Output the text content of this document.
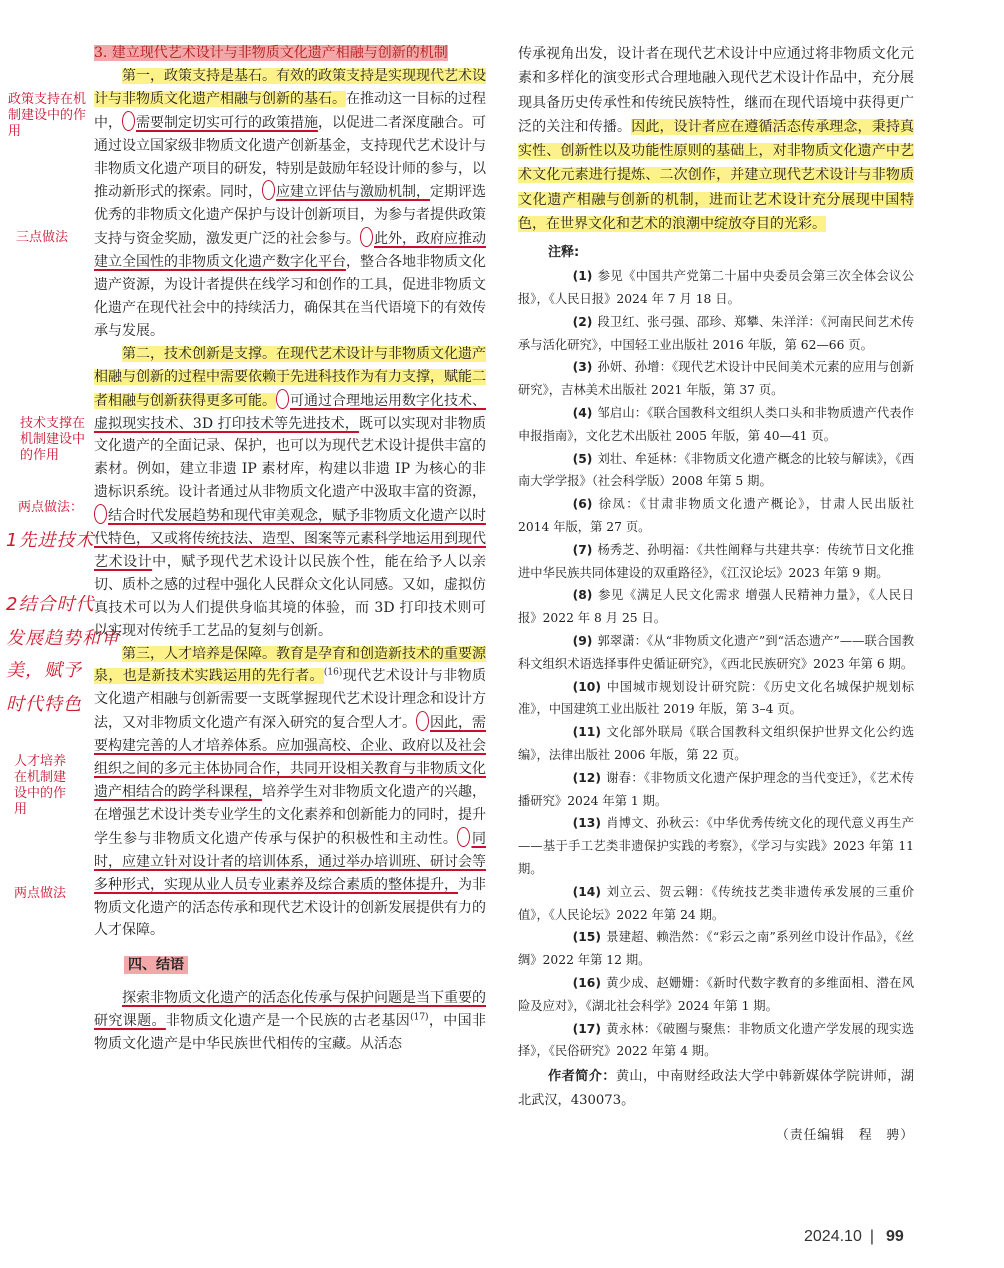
政策支持在机制建设中的作用
三点做法
技术支撑在机制建设中的作用
两点做法：
人才培养在机制建设中的作用
两点做法
1先进技术
2结合时代
发展趋势和审
美，赋予
时代特色

3. 建立现代艺术设计与非物质文化遗产相融与创新的机制

第一，政策支持是基石。有效的政策支持是实现现代艺术设计与非物质文化遗产相融与创新的基石。在推动这一目标的过程中， 需要制定切实可行的政策措施，以促进二者深度融合。可通过设立国家级非物质文化遗产创新基金，支持现代艺术设计与非物质文化遗产项目的研发，特别是鼓励年轻设计师的参与，以推动新形式的探索。同时， 应建立评估与激励机制，定期评选优秀的非物质文化遗产保护与设计创新项目，为参与者提供政策支持与资金奖励，激发更广泛的社会参与。 此外，政府应推动建立全国性的非物质文化遗产数字化平台，整合各地非物质文化遗产资源，为设计者提供在线学习和创作的工具，促进非物质文化遗产在现代社会中的持续活力，确保其在当代语境下的有效传承与发展。

第二，技术创新是支撑。在现代艺术设计与非物质文化遗产相融与创新的过程中需要依赖于先进科技作为有力支撑，赋能二者相融与创新获得更多可能。 可通过合理地运用数字化技术、虚拟现实技术、3D 打印技术等先进技术，既可以实现对非物质文化遗产的全面记录、保护，也可以为现代艺术设计提供丰富的素材。例如，建立非遗 IP 素材库，构建以非遗 IP 为核心的非遗标识系统。设计者通过从非物质文化遗产中汲取丰富的资源，结合时代发展趋势和现代审美观念，赋予非物质文化遗产以时代特色，又或将传统技法、造型、图案等元素科学地运用到现代艺术设计中，赋予现代艺术设计以民族个性，能在给予人以亲切、质朴之感的过程中强化人民群众文化认同感。又如，虚拟仿真技术可以为人们提供身临其境的体验，而 3D 打印技术则可以实现对传统手工艺品的复刻与创新。

第三，人才培养是保障。教育是孕育和创造新技术的重要源泉，也是新技术实践运用的先行者。$^{(16)}$现代艺术设计与非物质文化遗产相融与创新需要一支既掌握现代艺术设计理念和设计方法，又对非物质文化遗产有深入研究的复合型人才。 因此，需要构建完善的人才培养体系。应加强高校、企业、政府以及社会组织之间的多元主体协同合作，共同开设相关教育与非物质文化遗产相结合的跨学科课程，培养学生对非物质文化遗产的兴趣，在增强艺术设计类专业学生的文化素养和创新能力的同时，提升学生参与非物质文化遗产传承与保护的积极性和主动性。 同时，应建立针对设计者的培训体系，通过举办培训班、研讨会等多种形式，实现从业人员专业素养及综合素质的整体提升，为非物质文化遗产的活态传承和现代艺术设计的创新发展提供有力的人才保障。

四、结语

探索非物质文化遗产的活态化传承与保护问题是当下重要的研究课题。非物质文化遗产是一个民族的古老基因$^{(17)}$，中国非物质文化遗产是中华民族世代相传的宝藏。从活态

传承视角出发，设计者在现代艺术设计中应通过将非物质文化元素和多样化的演变形式合理地融入现代艺术设计作品中，充分展现具备历史传承性和传统民族特性，继而在现代语境中获得更广泛的关注和传播。因此，设计者应在遵循活态传承理念，秉持真实性、创新性以及功能性原则的基础上，对非物质文化遗产中艺术文化元素进行提炼、二次创作，并建立现代艺术设计与非物质文化遗产相融与创新的机制，进而让艺术设计充分展现中国特色，在世界文化和艺术的浪潮中绽放夺目的光彩。
注释:

(1) 参见《中国共产党第二十届中央委员会第三次全体会议公报》，《人民日报》2024 年 7 月 18 日。

(2) 段卫红、张弓强、邵珍、郑攀、朱洋洋：《河南民间艺术传承与活化研究》，中国轻工业出版社 2016 年版，第 62—66 页。

(3) 孙妍、孙增：《现代艺术设计中民间美术元素的应用与创新研究》，吉林美术出版社 2021 年版，第 37 页。

(4) 邹启山：《联合国教科文组织人类口头和非物质遗产代表作申报指南》，文化艺术出版社 2005 年版，第 40—41 页。

(5) 刘壮、牟延林：《非物质文化遗产概念的比较与解读》，《西南大学学报》（社会科学版）2008 年第 5 期。

(6) 徐凤：《甘肃非物质文化遗产概论》，甘肃人民出版社 2014 年版，第 27 页。

(7) 杨秀芝、孙明福：《共性阐释与共建共享：传统节日文化推进中华民族共同体建设的双重路径》，《江汉论坛》2023 年第 9 期。

(8) 参见《满足人民文化需求 增强人民精神力量》，《人民日报》2022 年 8 月 25 日。

(9) 郭翠潇：《从“非物质文化遗产”到“活态遗产”——联合国教科文组织术语选择事件史循证研究》，《西北民族研究》2023 年第 6 期。

(10) 中国城市规划设计研究院：《历史文化名城保护规划标准》，中国建筑工业出版社 2019 年版，第 3–4 页。

(11) 文化部外联局《联合国教科文组织保护世界文化公约选编》，法律出版社 2006 年版，第 22 页。

(12) 谢春：《非物质文化遗产保护理念的当代变迁》，《艺术传播研究》2024 年第 1 期。

(13) 肖博文、孙秋云：《中华优秀传统文化的现代意义再生产——基于手工艺类非遗保护实践的考察》，《学习与实践》2023 年第 11 期。

(14) 刘立云、贺云翱：《传统技艺类非遗传承发展的三重价值》，《人民论坛》2022 年第 24 期。

(15) 景建超、赖浩然：《“彩云之南”系列丝巾设计作品》，《丝绸》2022 年第 12 期。

(16) 黄少成、赵姗姗：《新时代数字教育的多维面相、潜在风险及应对》，《湖北社会科学》2024 年第 1 期。

(17) 黄永林：《破圈与聚焦：非物质文化遗产学发展的现实选择》，《民俗研究》2022 年第 4 期。

作者简介：黄山，中南财经政法大学中韩新媒体学院讲师，湖北武汉，430073。
（责任编辑　程　骋）
2024.10 | 99
